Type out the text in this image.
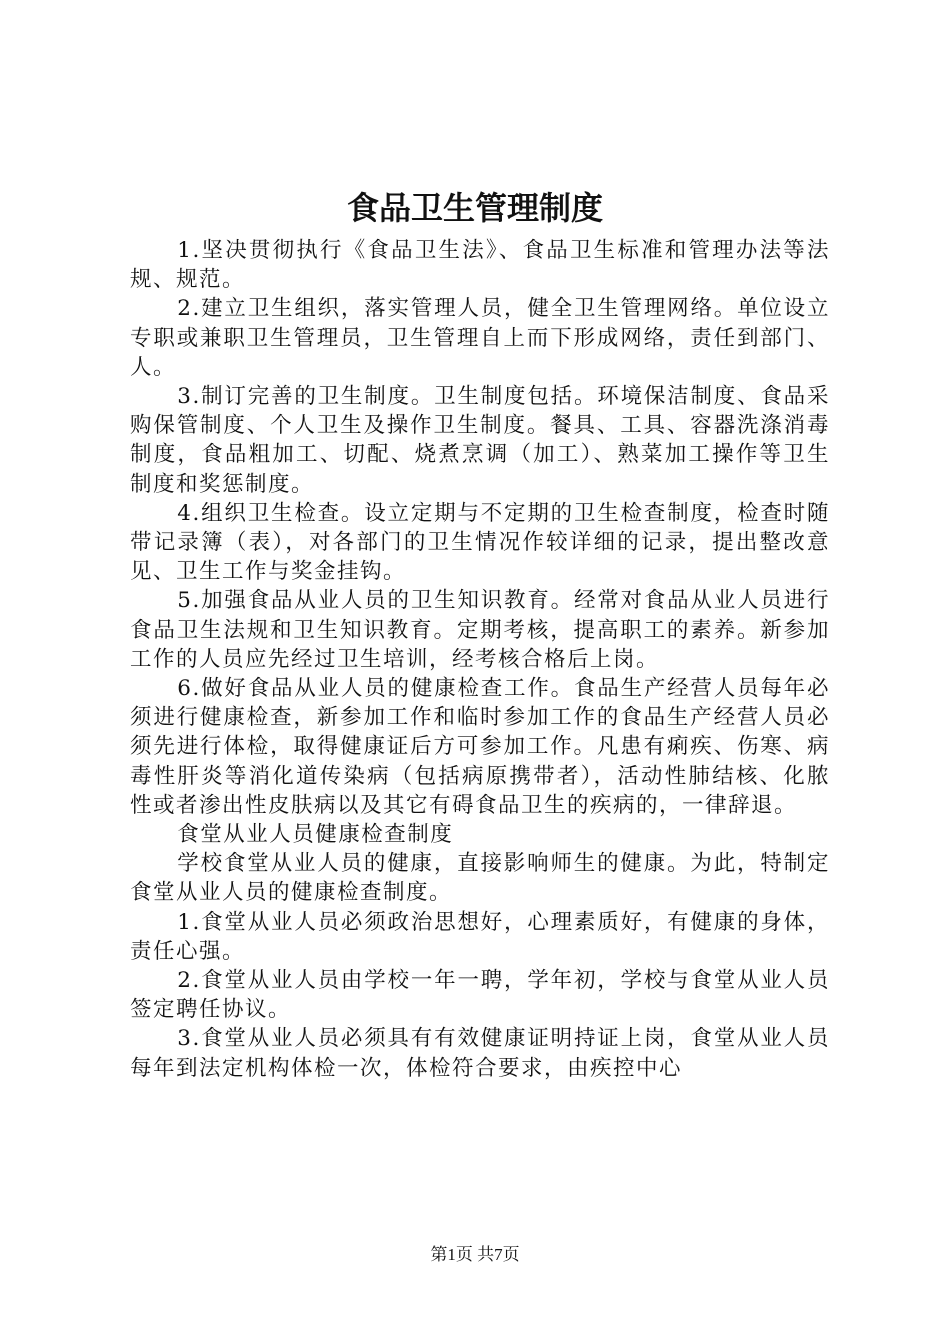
食品卫生管理制度

1.坚决贯彻执行《食品卫生法》、食品卫生标准和管理办法等法规、规范。

2.建立卫生组织，落实管理人员，健全卫生管理网络。单位设立专职或兼职卫生管理员，卫生管理自上而下形成网络，责任到部门、人。

3.制订完善的卫生制度。卫生制度包括。环境保洁制度、食品采购保管制度、个人卫生及操作卫生制度。餐具、工具、容器洗涤消毒制度，食品粗加工、切配、烧煮烹调（加工）、熟菜加工操作等卫生制度和奖惩制度。

4.组织卫生检查。设立定期与不定期的卫生检查制度，检查时随带记录簿（表），对各部门的卫生情况作较详细的记录，提出整改意见、卫生工作与奖金挂钩。

5.加强食品从业人员的卫生知识教育。经常对食品从业人员进行食品卫生法规和卫生知识教育。定期考核，提高职工的素养。新参加工作的人员应先经过卫生培训，经考核合格后上岗。

6.做好食品从业人员的健康检查工作。食品生产经营人员每年必须进行健康检查，新参加工作和临时参加工作的食品生产经营人员必须先进行体检，取得健康证后方可参加工作。凡患有痢疾、伤寒、病毒性肝炎等消化道传染病（包括病原携带者），活动性肺结核、化脓性或者渗出性皮肤病以及其它有碍食品卫生的疾病的，一律辞退。

食堂从业人员健康检查制度

学校食堂从业人员的健康，直接影响师生的健康。为此，特制定食堂从业人员的健康检查制度。

1.食堂从业人员必须政治思想好，心理素质好，有健康的身体，责任心强。

2.食堂从业人员由学校一年一聘，学年初，学校与食堂从业人员签定聘任协议。

3.食堂从业人员必须具有有效健康证明持证上岗，食堂从业人员每年到法定机构体检一次，体检符合要求，由疾控中心

第1页 共7页
